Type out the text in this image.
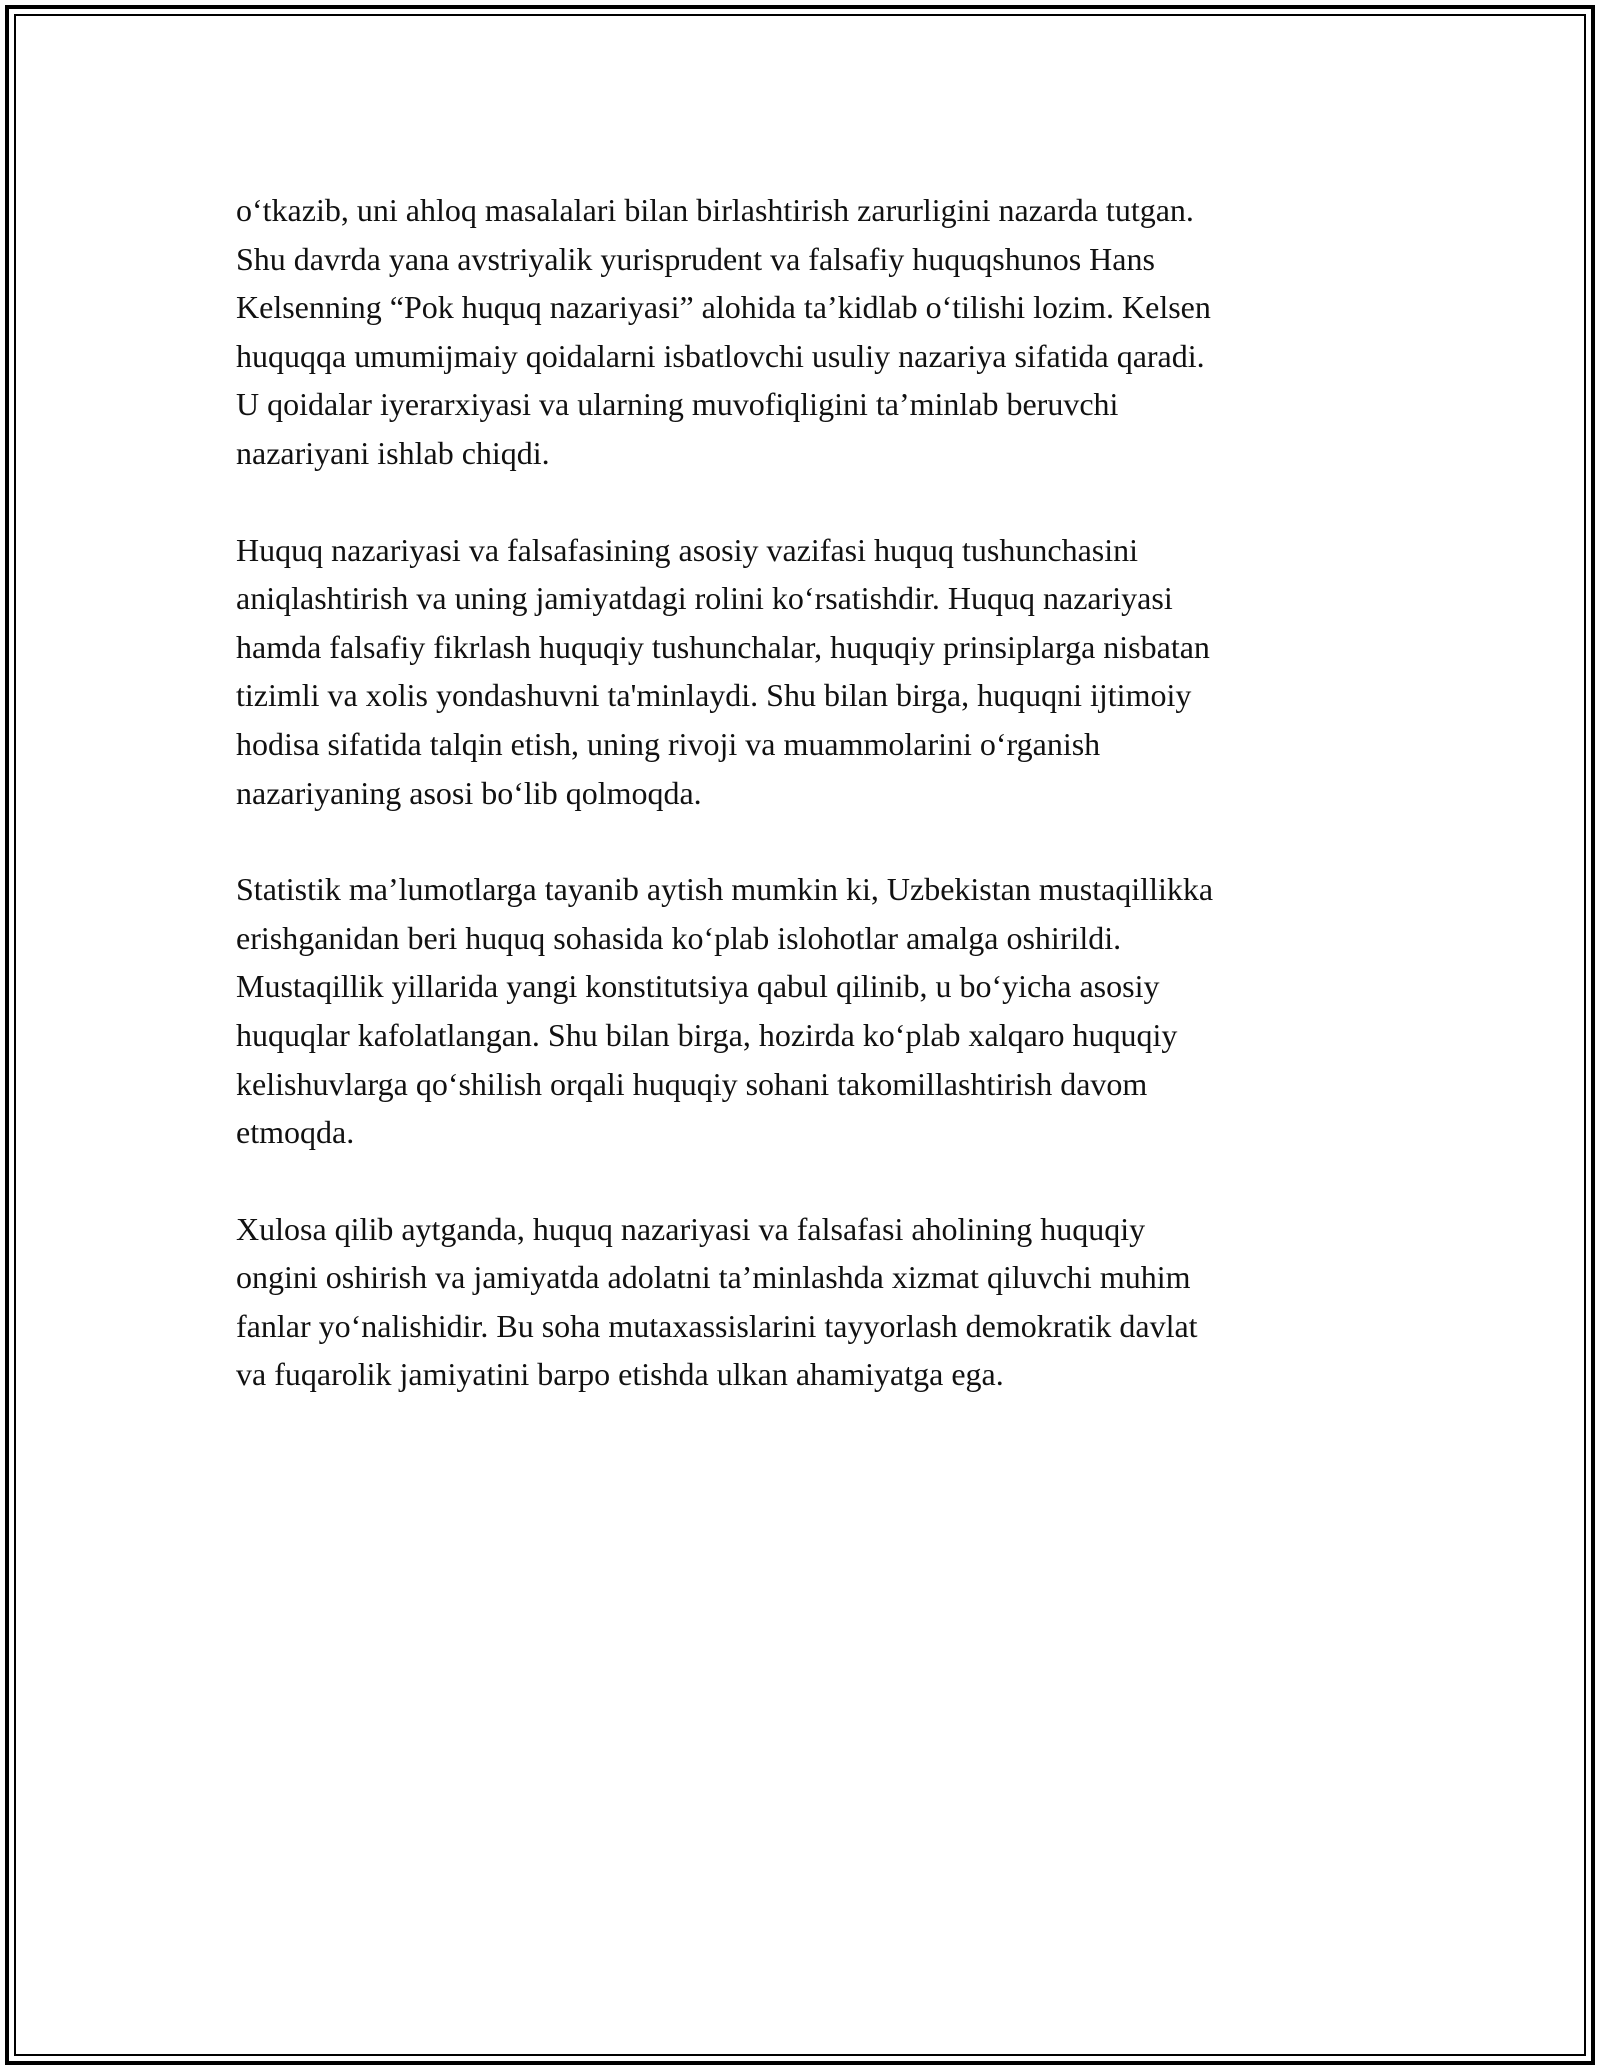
o‘tkazib, uni ahloq masalalari bilan birlashtirish zarurligini nazarda tutgan.
Shu davrda yana avstriyalik yurisprudent va falsafiy huquqshunos Hans
Kelsenning “Pok huquq nazariyasi” alohida ta’kidlab o‘tilishi lozim. Kelsen
huquqqa umumijmaiy qoidalarni isbatlovchi usuliy nazariya sifatida qaradi.
U qoidalar iyerarxiyasi va ularning muvofiqligini ta’minlab beruvchi
nazariyani ishlab chiqdi.

Huquq nazariyasi va falsafasining asosiy vazifasi huquq tushunchasini
aniqlashtirish va uning jamiyatdagi rolini ko‘rsatishdir. Huquq nazariyasi
hamda falsafiy fikrlash huquqiy tushunchalar, huquqiy prinsiplarga nisbatan
tizimli va xolis yondashuvni ta'minlaydi. Shu bilan birga, huquqni ijtimoiy
hodisa sifatida talqin etish, uning rivoji va muammolarini o‘rganish
nazariyaning asosi bo‘lib qolmoqda.

Statistik ma’lumotlarga tayanib aytish mumkin ki, Uzbekistan mustaqillikka
erishganidan beri huquq sohasida ko‘plab islohotlar amalga oshirildi.
Mustaqillik yillarida yangi konstitutsiya qabul qilinib, u bo‘yicha asosiy
huquqlar kafolatlangan. Shu bilan birga, hozirda ko‘plab xalqaro huquqiy
kelishuvlarga qo‘shilish orqali huquqiy sohani takomillashtirish davom
etmoqda.

Xulosa qilib aytganda, huquq nazariyasi va falsafasi aholining huquqiy
ongini oshirish va jamiyatda adolatni ta’minlashda xizmat qiluvchi muhim
fanlar yo‘nalishidir. Bu soha mutaxassislarini tayyorlash demokratik davlat
va fuqarolik jamiyatini barpo etishda ulkan ahamiyatga ega.
